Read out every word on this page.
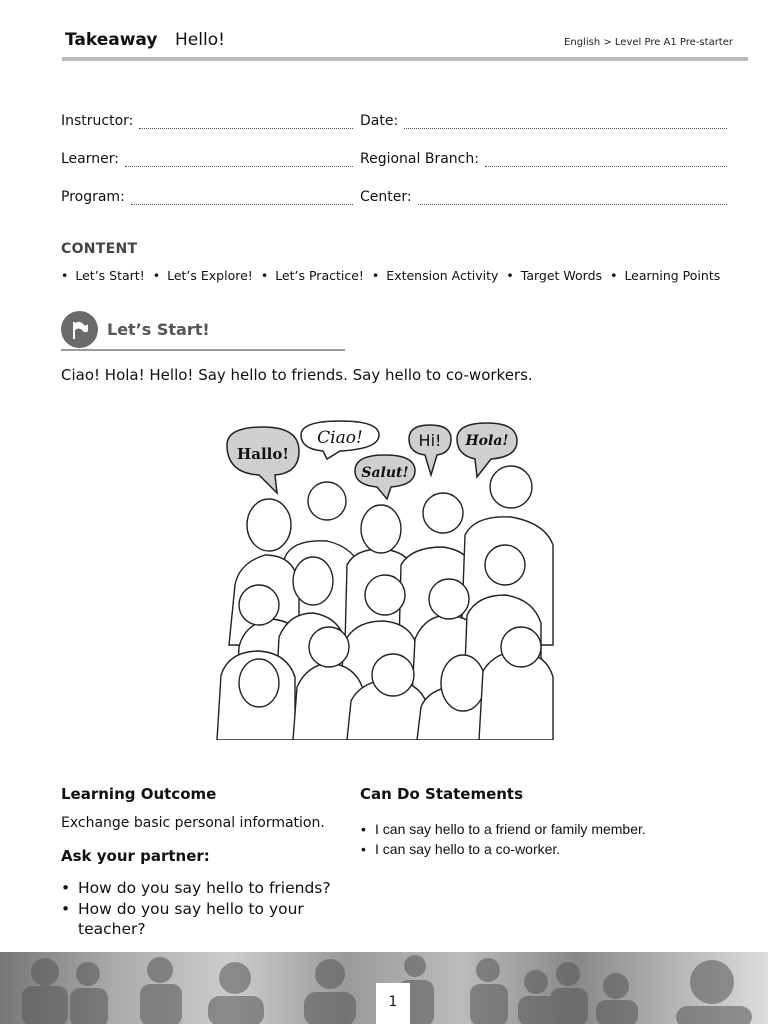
Takeaway Hello!	English > Level Pre A1 Pre-starter
Instructor:	Date:
Learner:	Regional Branch:
Program:	Center:
CONTENT
• Let’s Start!	• Let’s Explore!	• Let’s Practice!	• Extension Activity	• Target Words	• Learning Points
Let’s Start!
Ciao! Hola! Hello! Say hello to friends. Say hello to co-workers.
Hallo!
Ciao!
Salut!
Hi! Hola!
Learning Outcome
Exchange basic personal information.
Ask your partner:
• How do you say hello to friends?
• How do you say hello to your teacher?
Can Do Statements
• I can say hello to a friend or family member.
• I can say hello to a co-worker.
1
